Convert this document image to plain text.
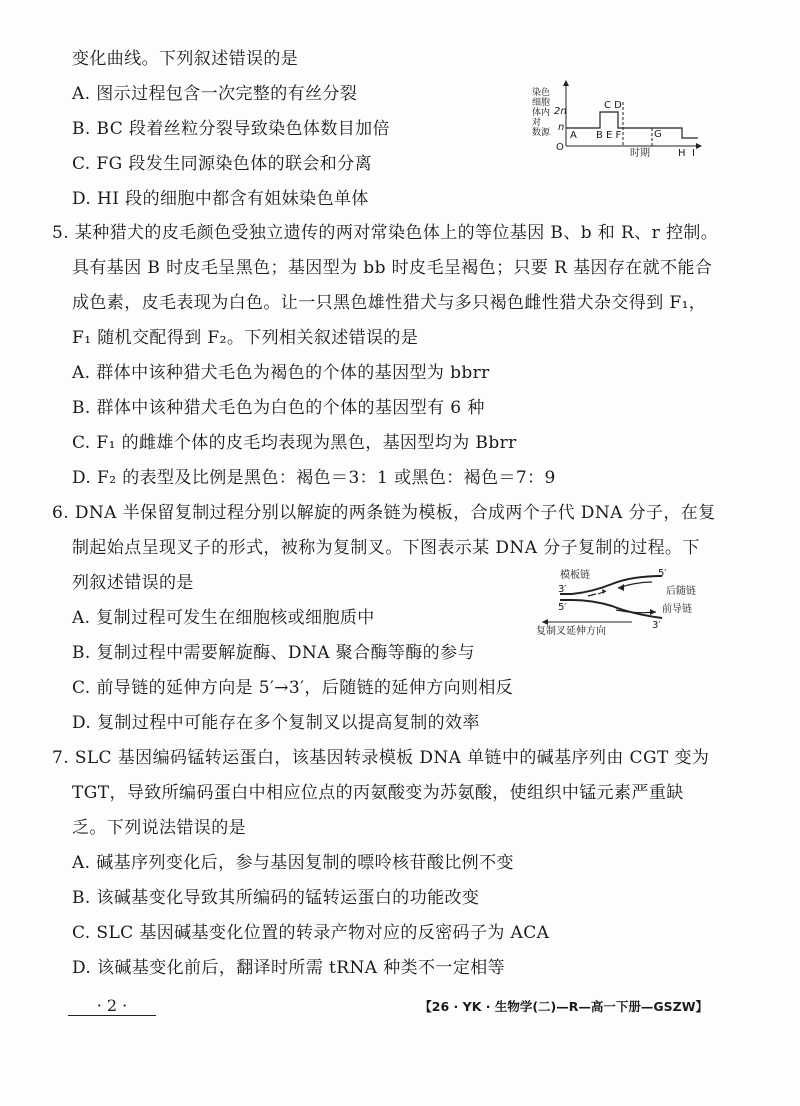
变化曲线。下列叙述错误的是
A. 图示过程包含一次完整的有丝分裂
B. BC 段着丝粒分裂导致染色体数目加倍
C. FG 段发生同源染色体的联会和分离
D. HI 段的细胞中都含有姐妹染色单体
染色
细胞
体内
对
数源
2n
n
O
C D
A B E F	G
H I
时期
5. 某种猎犬的皮毛颜色受独立遗传的两对常染色体上的等位基因 B、b 和 R、r 控制。
具有基因 B 时皮毛呈黑色；基因型为 bb 时皮毛呈褐色；只要 R 基因存在就不能合
成色素，皮毛表现为白色。让一只黑色雄性猎犬与多只褐色雌性猎犬杂交得到 F₁，
F₁ 随机交配得到 F₂。下列相关叙述错误的是
A. 群体中该种猎犬毛色为褐色的个体的基因型为 bbrr
B. 群体中该种猎犬毛色为白色的个体的基因型有 6 种
C. F₁ 的雌雄个体的皮毛均表现为黑色，基因型均为 Bbrr
D. F₂ 的表型及比例是黑色：褐色＝3：1 或黑色：褐色＝7：9
6. DNA 半保留复制过程分别以解旋的两条链为模板，合成两个子代 DNA 分子，在复
制起始点呈现叉子的形式，被称为复制叉。下图表示某 DNA 分子复制的过程。下
列叙述错误的是
A. 复制过程可发生在细胞核或细胞质中
B. 复制过程中需要解旋酶、DNA 聚合酶等酶的参与
C. 前导链的延伸方向是 5′→3′，后随链的延伸方向则相反
D. 复制过程中可能存在多个复制叉以提高复制的效率
模板链	5′
3′	后随链
5′	前导链
复制叉延伸方向
3′
7. SLC 基因编码锰转运蛋白，该基因转录模板 DNA 单链中的碱基序列由 CGT 变为
TGT，导致所编码蛋白中相应位点的丙氨酸变为苏氨酸，使组织中锰元素严重缺
乏。下列说法错误的是
A. 碱基序列变化后，参与基因复制的嘌呤核苷酸比例不变
B. 该碱基变化导致其所编码的锰转运蛋白的功能改变
C. SLC 基因碱基变化位置的转录产物对应的反密码子为 ACA
D. 该碱基变化前后，翻译时所需 tRNA 种类不一定相等
· 2 ·	【26 · YK · 生物学(二)—R—高一下册—GSZW】
